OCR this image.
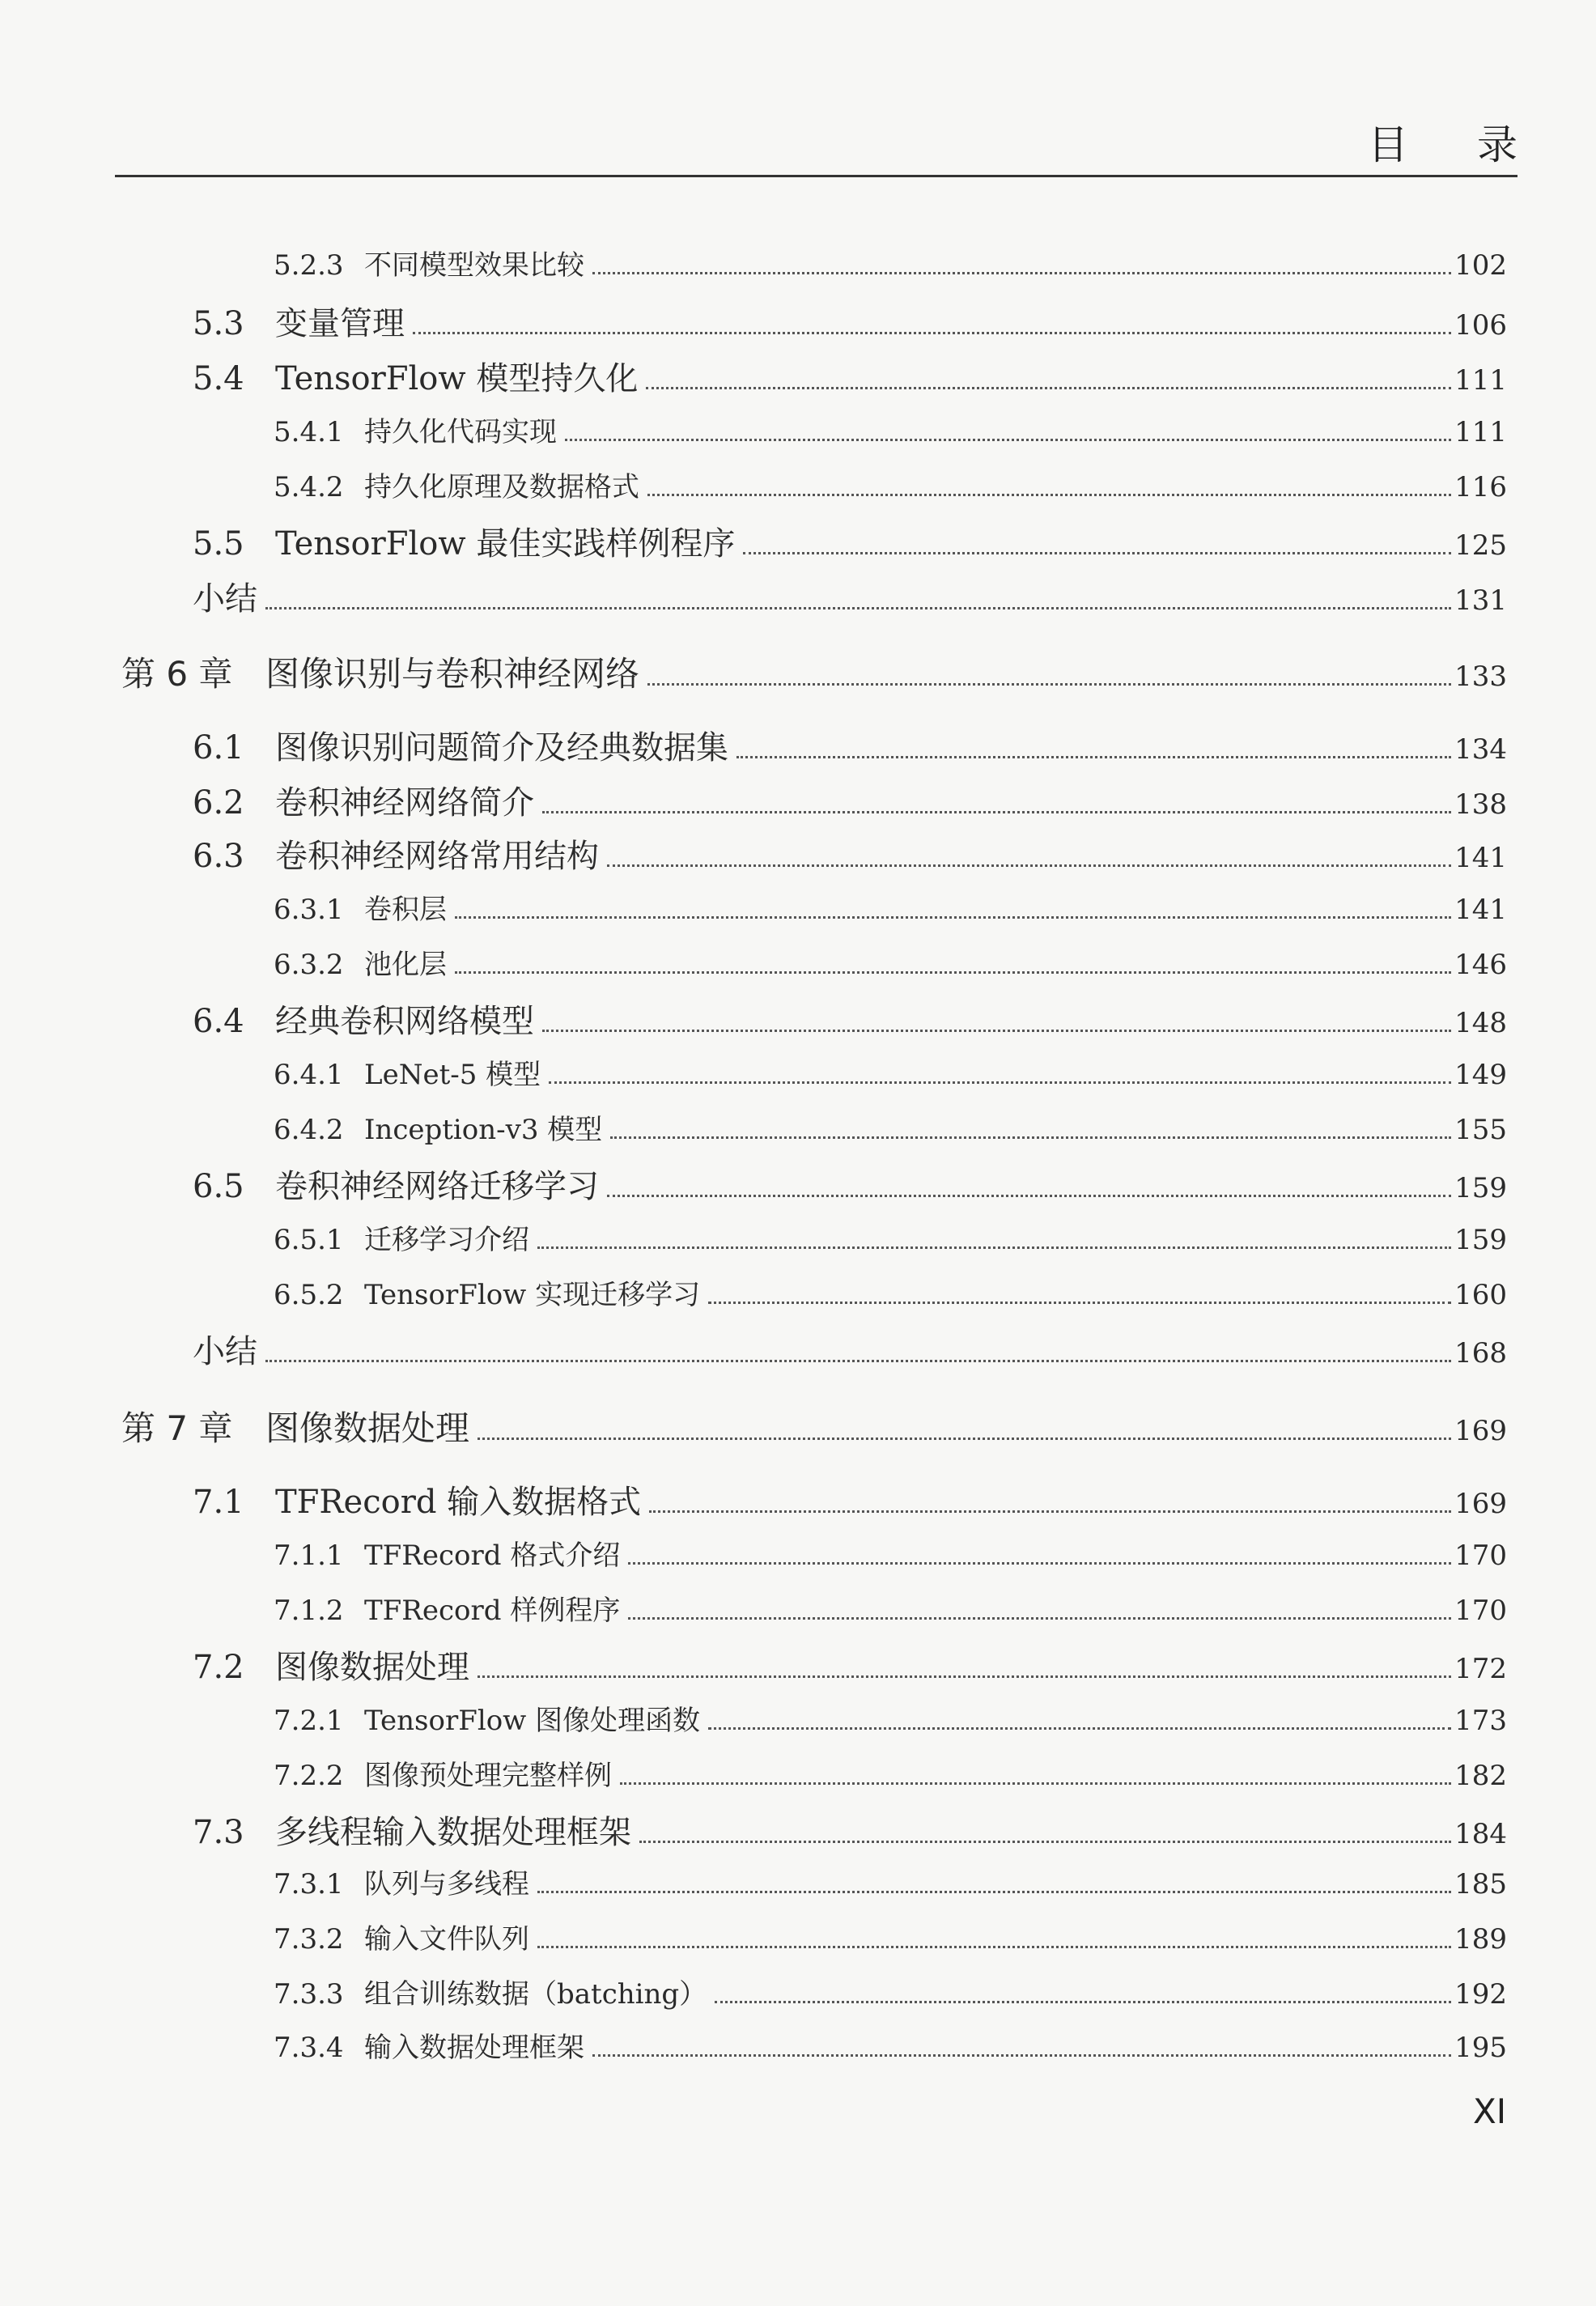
目 录
5.2.3 不同模型效果比较	102
5.3 变量管理	106
5.4 TensorFlow 模型持久化	111
5.4.1 持久化代码实现	111
5.4.2 持久化原理及数据格式	116
5.5 TensorFlow 最佳实践样例程序	125
小结	131
第 6 章 图像识别与卷积神经网络	133
6.1 图像识别问题简介及经典数据集	134
6.2 卷积神经网络简介	138
6.3 卷积神经网络常用结构	141
6.3.1 卷积层	141
6.3.2 池化层	146
6.4 经典卷积网络模型	148
6.4.1 LeNet-5 模型	149
6.4.2 Inception-v3 模型	155
6.5 卷积神经网络迁移学习	159
6.5.1 迁移学习介绍	159
6.5.2 TensorFlow 实现迁移学习	160
小结	168
第 7 章 图像数据处理	169
7.1 TFRecord 输入数据格式	169
7.1.1 TFRecord 格式介绍	170
7.1.2 TFRecord 样例程序	170
7.2 图像数据处理	172
7.2.1 TensorFlow 图像处理函数	173
7.2.2 图像预处理完整样例	182
7.3 多线程输入数据处理框架	184
7.3.1 队列与多线程	185
7.3.2 输入文件队列	189
7.3.3 组合训练数据（batching）	192
7.3.4 输入数据处理框架	195
XI
